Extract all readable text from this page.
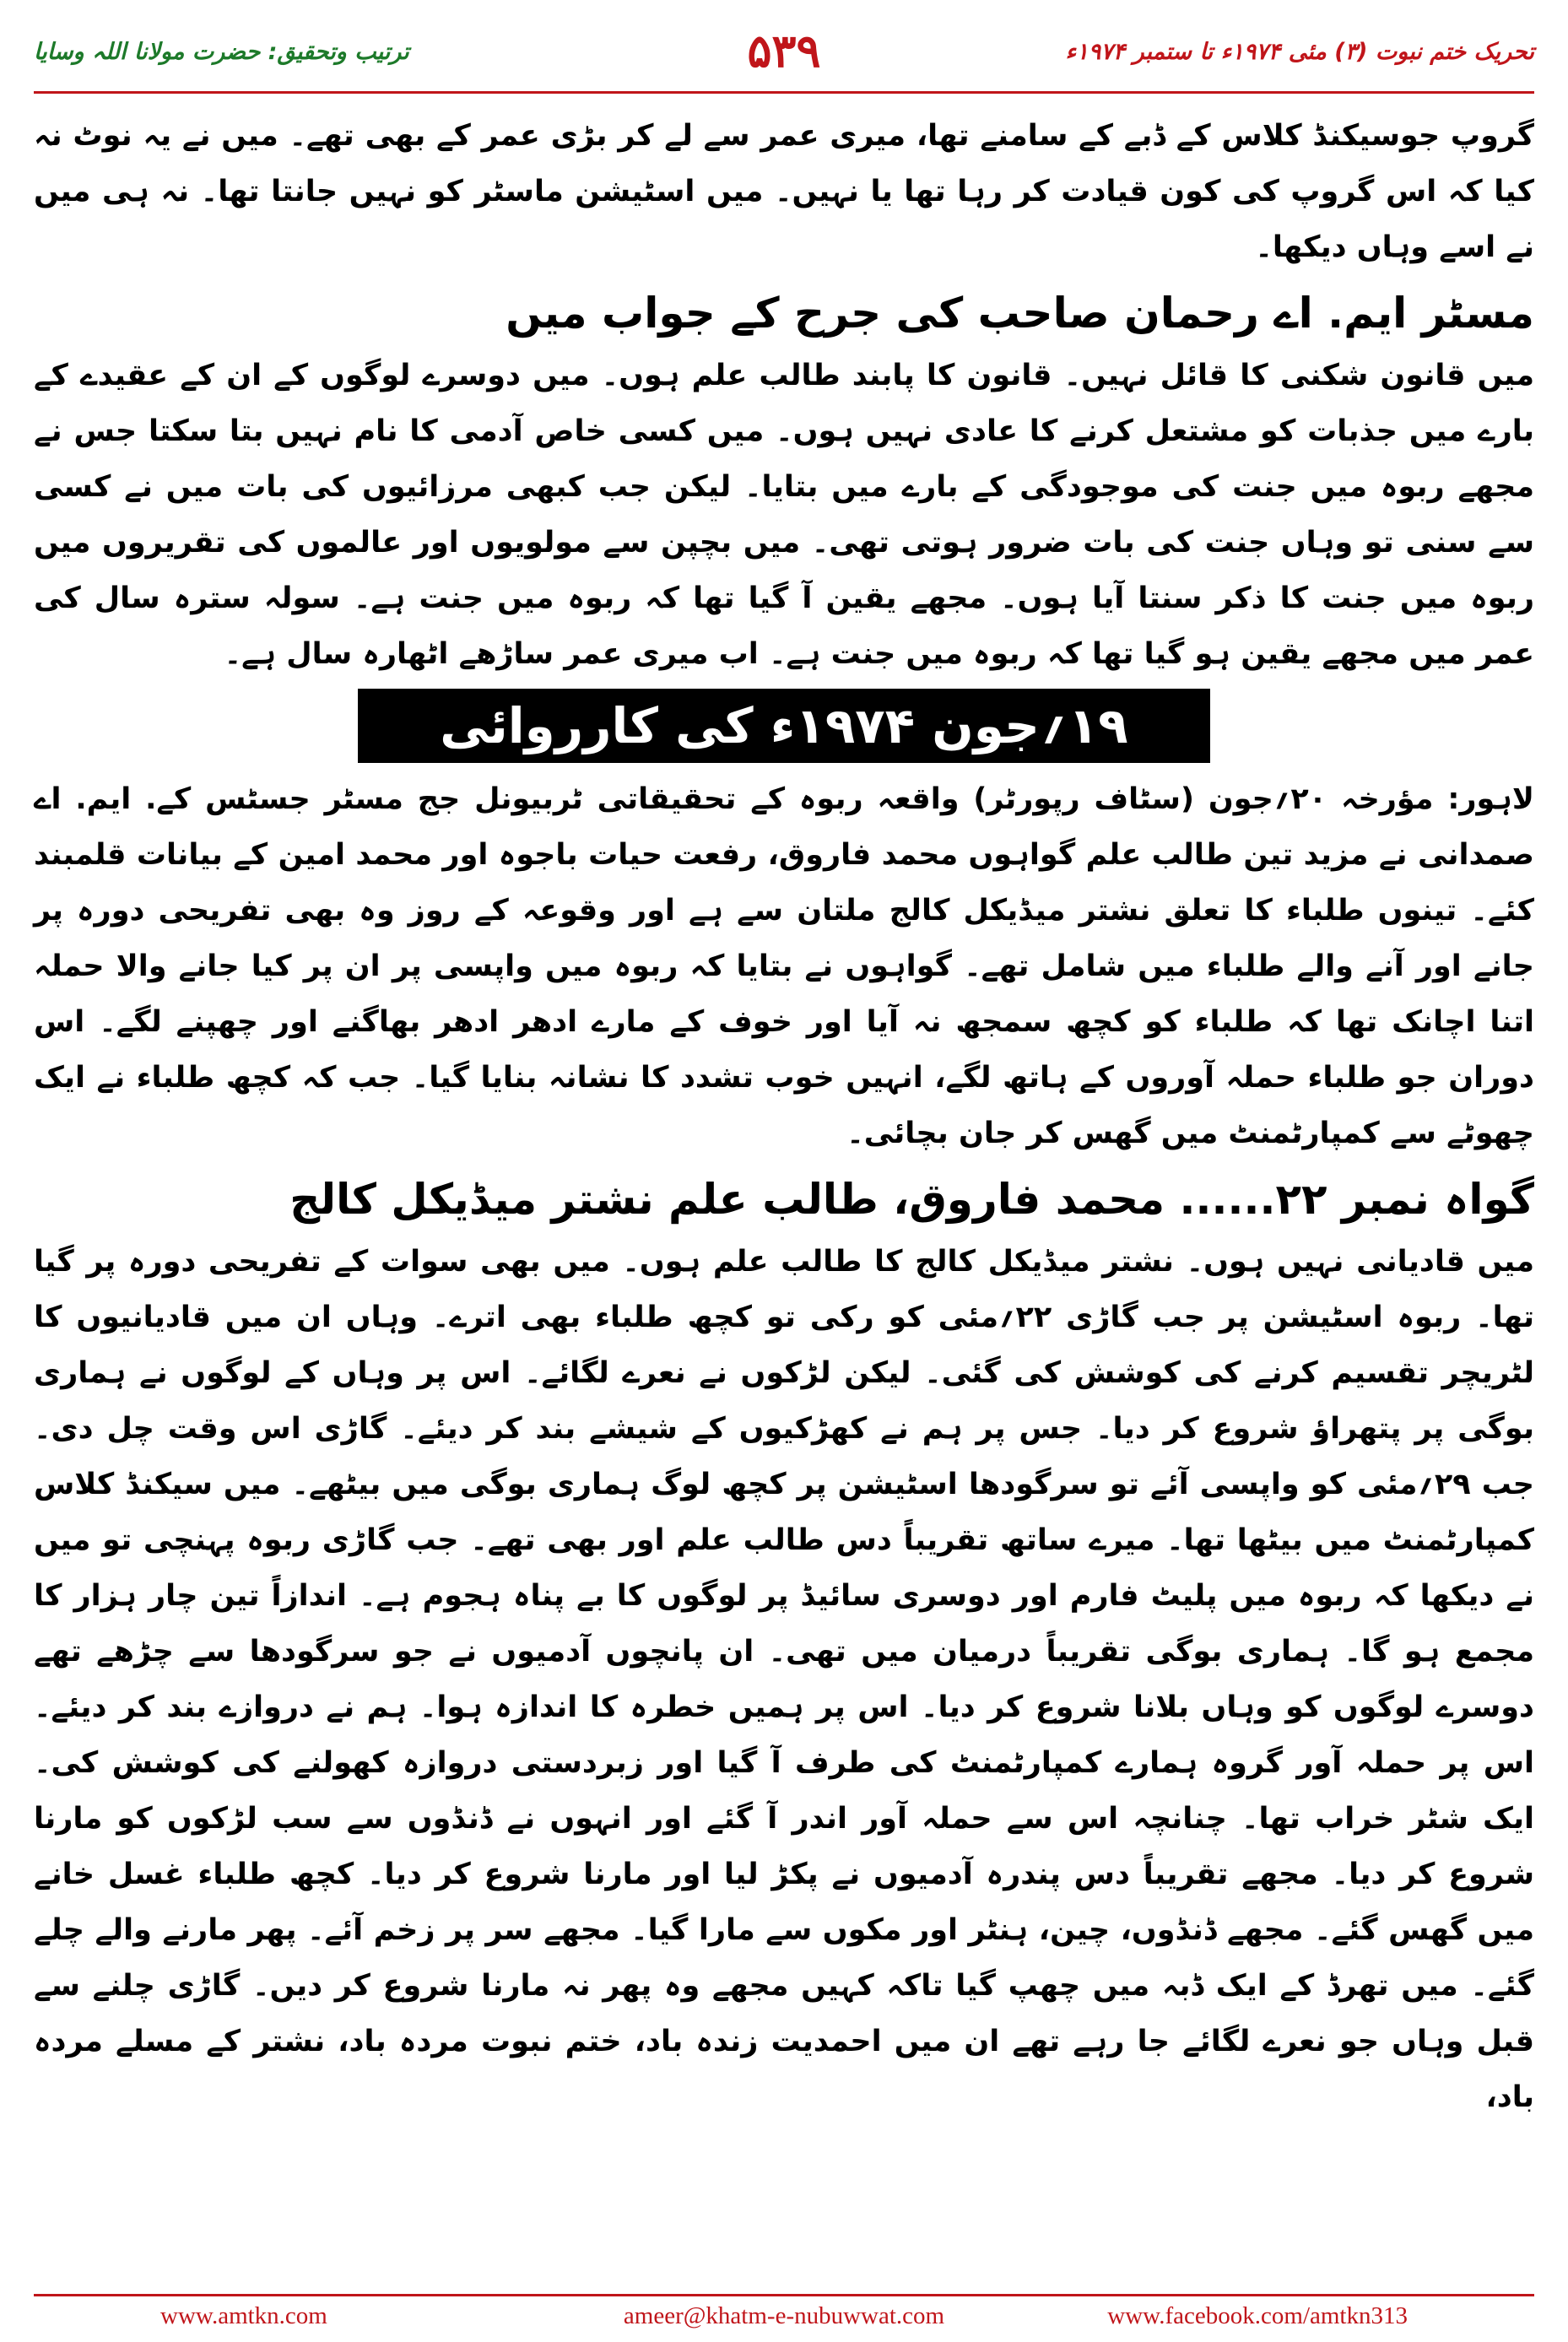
ترتیب وتحقیق: حضرت مولانا اللہ وسایا	۵۳۹	تحریک ختم نبوت (۳) مئی ۱۹۷۴ء تا ستمبر ۱۹۷۴ء

گروپ جوسیکنڈ کلاس کے ڈبے کے سامنے تھا، میری عمر سے لے کر بڑی عمر کے بھی تھے۔ میں نے یہ نوٹ نہ کیا کہ اس گروپ کی کون قیادت کر رہا تھا یا نہیں۔ میں اسٹیشن ماسٹر کو نہیں جانتا تھا۔ نہ ہی میں نے اسے وہاں دیکھا۔

مسٹر ایم. اے رحمان صاحب کی جرح کے جواب میں

میں قانون شکنی کا قائل نہیں۔ قانون کا پابند طالب علم ہوں۔ میں دوسرے لوگوں کے ان کے عقیدے کے بارے میں جذبات کو مشتعل کرنے کا عادی نہیں ہوں۔ میں کسی خاص آدمی کا نام نہیں بتا سکتا جس نے مجھے ربوہ میں جنت کی موجودگی کے بارے میں بتایا۔ لیکن جب کبھی مرزائیوں کی بات میں نے کسی سے سنی تو وہاں جنت کی بات ضرور ہوتی تھی۔ میں بچپن سے مولویوں اور عالموں کی تقریروں میں ربوہ میں جنت کا ذکر سنتا آیا ہوں۔ مجھے یقین آ گیا تھا کہ ربوہ میں جنت ہے۔ سولہ سترہ سال کی عمر میں مجھے یقین ہو گیا تھا کہ ربوہ میں جنت ہے۔ اب میری عمر ساڑھے اٹھارہ سال ہے۔

۱۹؍جون ۱۹۷۴ء کی کارروائی

لاہور: مؤرخہ ۲۰؍جون (سٹاف رپورٹر) واقعہ ربوہ کے تحقیقاتی ٹربیونل جج مسٹر جسٹس کے. ایم. اے صمدانی نے مزید تین طالب علم گواہوں محمد فاروق، رفعت حیات باجوہ اور محمد امین کے بیانات قلمبند کئے۔ تینوں طلباء کا تعلق نشتر میڈیکل کالج ملتان سے ہے اور وقوعہ کے روز وہ بھی تفریحی دورہ پر جانے اور آنے والے طلباء میں شامل تھے۔ گواہوں نے بتایا کہ ربوہ میں واپسی پر ان پر کیا جانے والا حملہ اتنا اچانک تھا کہ طلباء کو کچھ سمجھ نہ آیا اور خوف کے مارے ادھر ادھر بھاگنے اور چھپنے لگے۔ اس دوران جو طلباء حملہ آوروں کے ہاتھ لگے، انہیں خوب تشدد کا نشانہ بنایا گیا۔ جب کہ کچھ طلباء نے ایک چھوٹے سے کمپارٹمنٹ میں گھس کر جان بچائی۔

گواہ نمبر ۲۲...... محمد فاروق، طالب علم نشتر میڈیکل کالج

میں قادیانی نہیں ہوں۔ نشتر میڈیکل کالج کا طالب علم ہوں۔ میں بھی سوات کے تفریحی دورہ پر گیا تھا۔ ربوہ اسٹیشن پر جب گاڑی ۲۲؍مئی کو رکی تو کچھ طلباء بھی اترے۔ وہاں ان میں قادیانیوں کا لٹریچر تقسیم کرنے کی کوشش کی گئی۔ لیکن لڑکوں نے نعرے لگائے۔ اس پر وہاں کے لوگوں نے ہماری بوگی پر پتھراؤ شروع کر دیا۔ جس پر ہم نے کھڑکیوں کے شیشے بند کر دیئے۔ گاڑی اس وقت چل دی۔ جب ۲۹؍مئی کو واپسی آئے تو سرگودھا اسٹیشن پر کچھ لوگ ہماری بوگی میں بیٹھے۔ میں سیکنڈ کلاس کمپارٹمنٹ میں بیٹھا تھا۔ میرے ساتھ تقریباً دس طالب علم اور بھی تھے۔ جب گاڑی ربوہ پہنچی تو میں نے دیکھا کہ ربوہ میں پلیٹ فارم اور دوسری سائیڈ پر لوگوں کا بے پناہ ہجوم ہے۔ اندازاً تین چار ہزار کا مجمع ہو گا۔ ہماری بوگی تقریباً درمیان میں تھی۔ ان پانچوں آدمیوں نے جو سرگودھا سے چڑھے تھے دوسرے لوگوں کو وہاں بلانا شروع کر دیا۔ اس پر ہمیں خطرہ کا اندازہ ہوا۔ ہم نے دروازے بند کر دیئے۔ اس پر حملہ آور گروہ ہمارے کمپارٹمنٹ کی طرف آ گیا اور زبردستی دروازہ کھولنے کی کوشش کی۔ ایک شٹر خراب تھا۔ چنانچہ اس سے حملہ آور اندر آ گئے اور انہوں نے ڈنڈوں سے سب لڑکوں کو مارنا شروع کر دیا۔ مجھے تقریباً دس پندرہ آدمیوں نے پکڑ لیا اور مارنا شروع کر دیا۔ کچھ طلباء غسل خانے میں گھس گئے۔ مجھے ڈنڈوں، چین، ہنٹر اور مکوں سے مارا گیا۔ مجھے سر پر زخم آئے۔ پھر مارنے والے چلے گئے۔ میں تھرڈ کے ایک ڈبہ میں چھپ گیا تاکہ کہیں مجھے وہ پھر نہ مارنا شروع کر دیں۔ گاڑی چلنے سے قبل وہاں جو نعرے لگائے جا رہے تھے ان میں احمدیت زندہ باد، ختم نبوت مردہ باد، نشتر کے مسلے مردہ باد،

www.amtkn.com	ameer@khatm-e-nubuwwat.com	www.facebook.com/amtkn313
